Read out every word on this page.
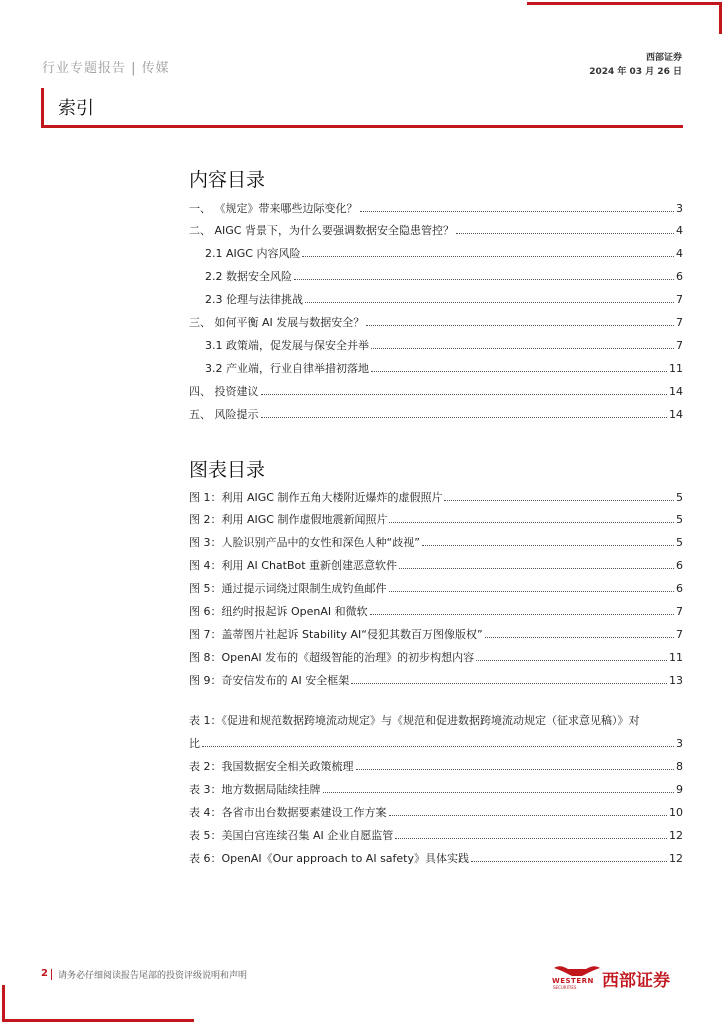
行业专题报告 | 传媒
西部证券
2024 年 03 月 26 日
索引
内容目录
一、 《规定》带来哪些边际变化？	3
二、 AIGC 背景下，为什么要强调数据安全隐患管控？	4
2.1 AIGC 内容风险	4
2.2 数据安全风险	6
2.3 伦理与法律挑战	7
三、 如何平衡 AI 发展与数据安全？	7
3.1 政策端，促发展与保安全并举	7
3.2 产业端，行业自律举措初落地	11
四、 投资建议	14
五、 风险提示	14
图表目录
图 1：利用 AIGC 制作五角大楼附近爆炸的虚假照片	5
图 2：利用 AIGC 制作虚假地震新闻照片	5
图 3：人脸识别产品中的女性和深色人种“歧视”	5
图 4：利用 AI ChatBot 重新创建恶意软件	6
图 5：通过提示词绕过限制生成钓鱼邮件	6
图 6：纽约时报起诉 OpenAI 和微软	7
图 7：盖蒂图片社起诉 Stability AI“侵犯其数百万图像版权”	7
图 8：OpenAI 发布的《超级智能的治理》的初步构想内容	11
图 9：奇安信发布的 AI 安全框架	13
表 1：《促进和规范数据跨境流动规定》与《规范和促进数据跨境流动规定（征求意见稿）》对
比	3
表 2：我国数据安全相关政策梳理	8
表 3：地方数据局陆续挂牌	9
表 4：各省市出台数据要素建设工作方案	10
表 5：美国白宫连续召集 AI 企业自愿监管	12
表 6：OpenAI《Our approach to AI safety》具体实践	12
2 请务必仔细阅读报告尾部的投资评级说明和声明	WESTERN
SECURITIES 西部证券
